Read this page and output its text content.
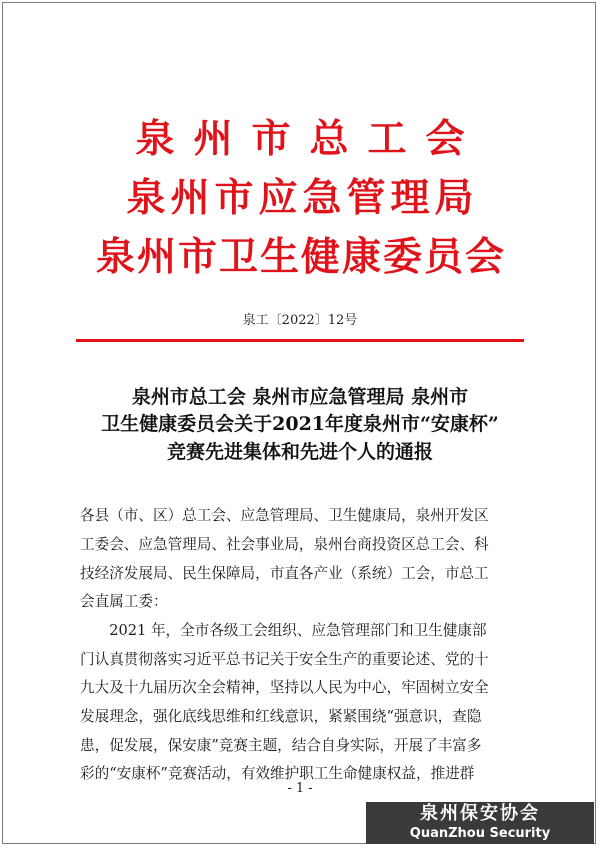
泉州市总工会
泉州市应急管理局
泉州市卫生健康委员会
泉工〔2022〕12号
泉州市总工会 泉州市应急管理局 泉州市
卫生健康委员会关于2021年度泉州市“安康杯”
竞赛先进集体和先进个人的通报
各县（市、区）总工会、应急管理局、卫生健康局，泉州开发区
工委会、应急管理局、社会事业局，泉州台商投资区总工会、科
技经济发展局、民生保障局，市直各产业（系统）工会，市总工
会直属工委：
　　2021 年，全市各级工会组织、应急管理部门和卫生健康部
门认真贯彻落实习近平总书记关于安全生产的重要论述、党的十
九大及十九届历次全会精神，坚持以人民为中心，牢固树立安全
发展理念，强化底线思维和红线意识，紧紧围绕“强意识，查隐
患，促发展，保安康”竞赛主题，结合自身实际，开展了丰富多
彩的“安康杯”竞赛活动，有效维护职工生命健康权益，推进群
- 1 -
泉州保安协会
QuanZhou Security Association
